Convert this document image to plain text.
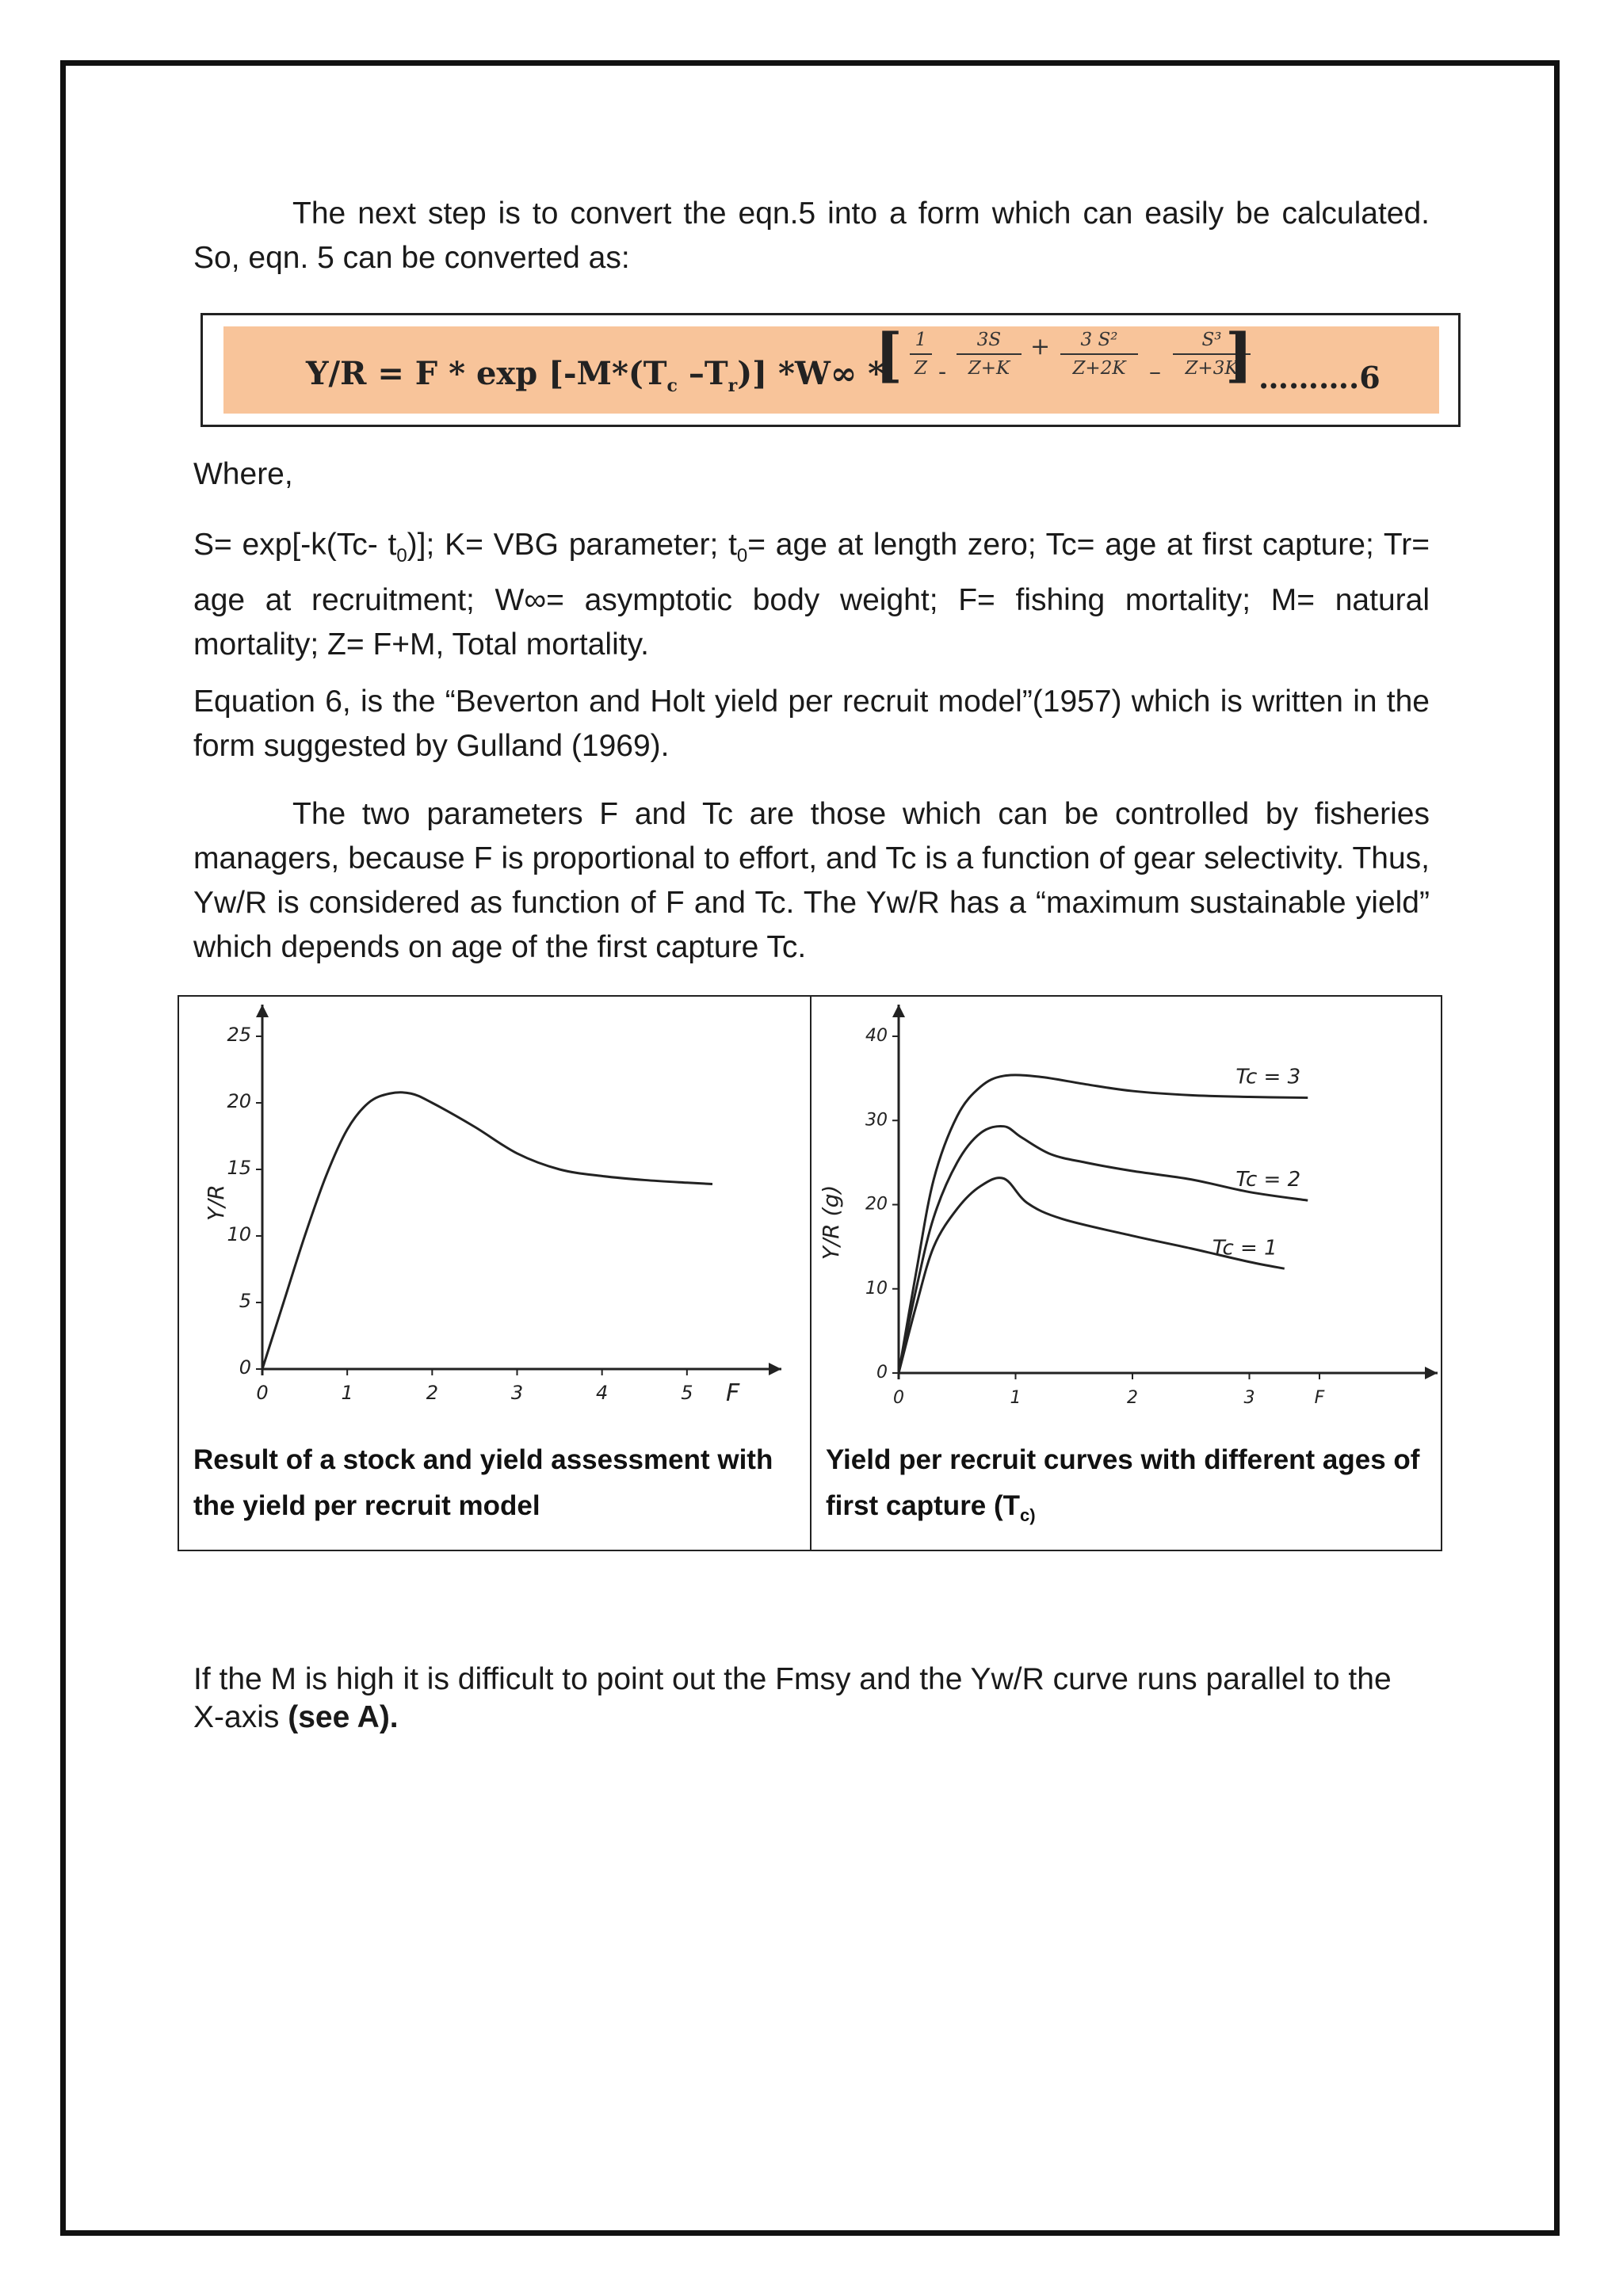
The next step is to convert the eqn.5 into a form which can easily be calculated. So, eqn. 5 can be converted as:

$Y/R = F * \exp [-M*(T_c$ $-T_r$)] *W∞ *
[ $\frac{1}{Z} - \frac{3S}{Z+K} + \frac{\text{3 S²}}{Z+2K} - \frac{\text{S³}}{Z+3K}$
] ……….6

Where,

S= exp[-k(Tc- $t_0$)]; K= VBG parameter; $t_0=$ age at length zero; Tc= age at first capture; Tr= age at recruitment; W∞= asymptotic body weight; F= fishing mortality; M= natural mortality; Z= F+M, Total mortality.

Equation 6, is the “Beverton and Holt yield per recruit model”(1957) which is written in the form suggested by Gulland (1969).

The two parameters F and Tc are those which can be controlled by fisheries managers, because F is proportional to effort, and Tc is a function of gear selectivity. Thus, Yw/R is considered as function of F and Tc. The Yw/R has a “maximum sustainable yield” which depends on age of the first capture Tc.

0
5
10
15
20
25
0	1	2	3	4	5 F
Y/R
0
10
20
30
40
0	1	2	3	F
Y/R (g)
Tc = 3
Tc = 2
Tc = 1
Result of a stock and yield assessment with the yield per recruit model
Yield per recruit curves with different ages of first capture ($T_{c)}$

If the M is high it is difficult to point out the Fmsy and the Yw/R curve runs parallel to the X-axis (see A).
